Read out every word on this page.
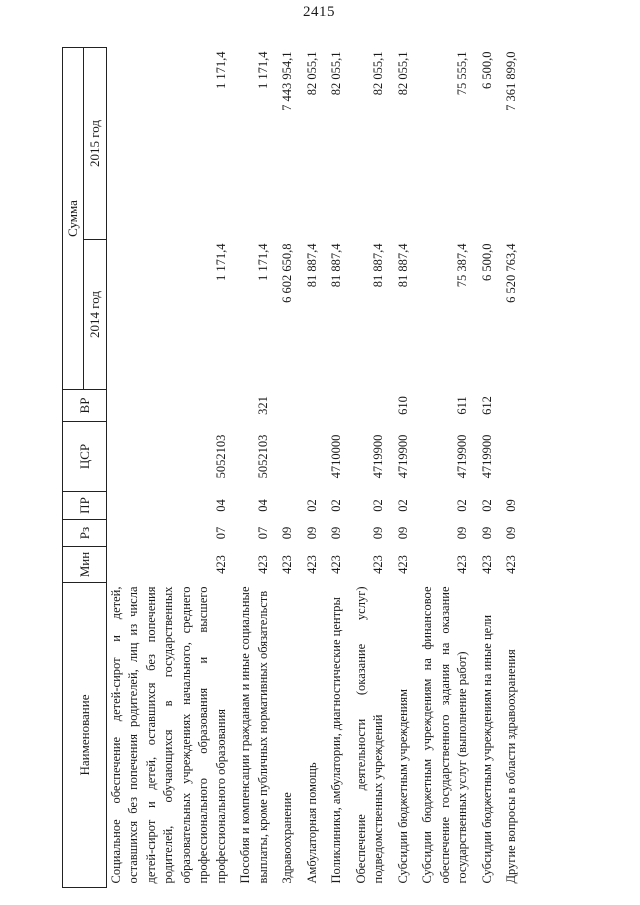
2415
Наименование	Мин	Рз	ПР	ЦСР	ВР	Сумма	
						2014 год	2015 год
Социальное обеспечение детей-сирот и детей, оставшихся без попечения родителей, лиц из числа детей-сирот и детей, оставшихся без попечения родителей, обучающихся в государственных образовательных учреждениях начального, среднего профессионального образования и высшего профессионального образования	423	07	04	5052103		1 171,4	1 171,4
Пособия и компенсации гражданам и иные социальные выплаты, кроме публичных нормативных обязательств	423	07	04	5052103	321	1 171,4	1 171,4
Здравоохранение	423	09				6 602 650,8	7 443 954,1
Амбулаторная помощь	423	09	02			81 887,4	82 055,1
Поликлиники, амбулатории, диагностические центры	423	09	02	4710000		81 887,4	82 055,1
Обеспечение деятельности (оказание услуг) подведомственных учреждений	423	09	02	4719900		81 887,4	82 055,1
Субсидии бюджетным учреждениям	423	09	02	4719900	610	81 887,4	82 055,1
Субсидии бюджетным учреждениям на финансовое обеспечение государственного задания на оказание государственных услуг (выполнение работ)	423	09	02	4719900	611	75 387,4	75 555,1
Субсидии бюджетным учреждениям на иные цели	423	09	02	4719900	612	6 500,0	6 500,0
Другие вопросы в области здравоохранения	423	09	09			6 520 763,4	7 361 899,0
